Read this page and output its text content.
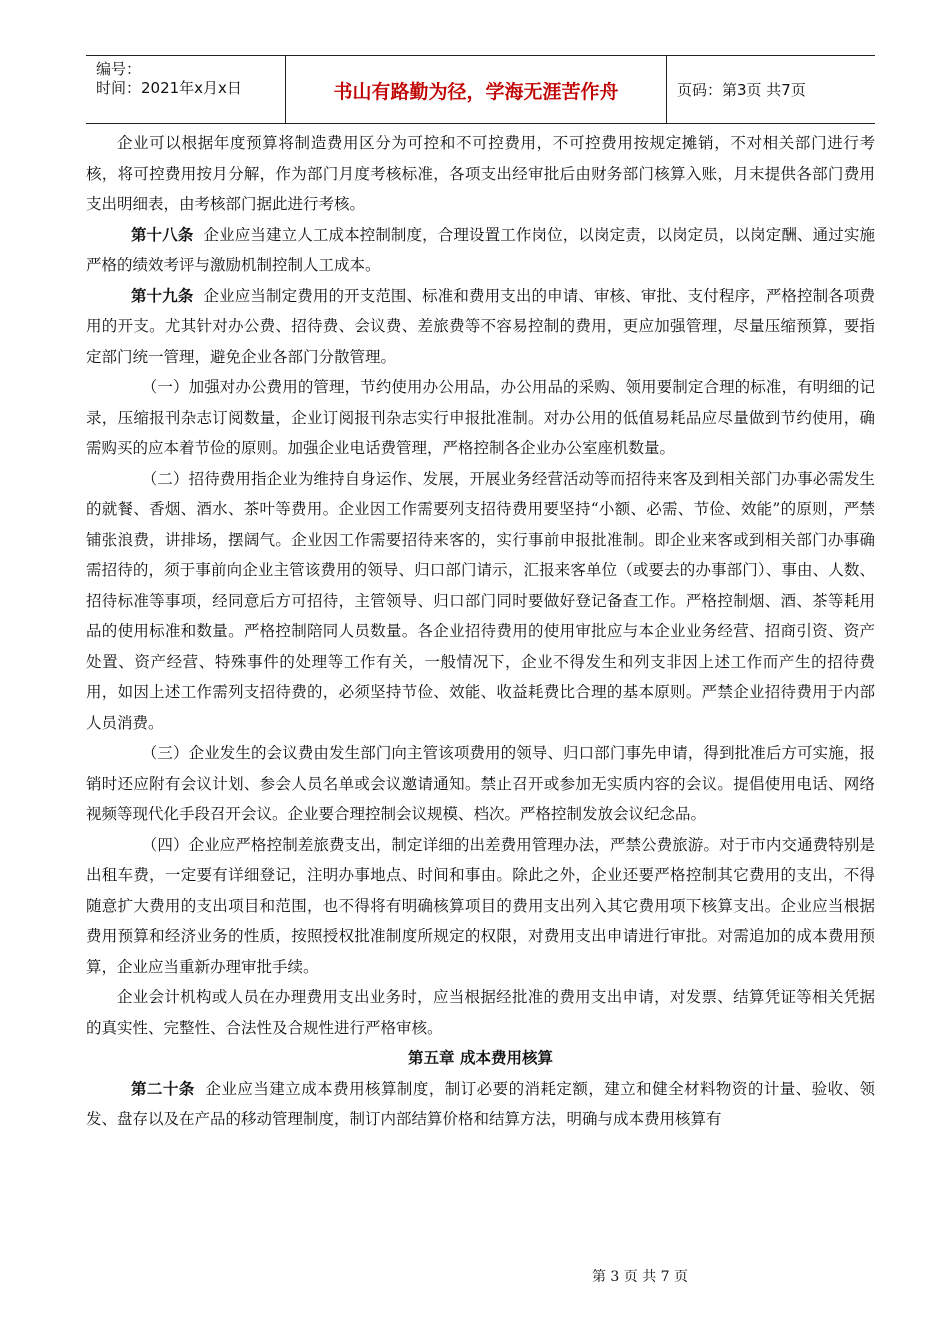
编号：
时间：2021年x月x日	书山有路勤为径，学海无涯苦作舟	页码：第3页 共7页

企业可以根据年度预算将制造费用区分为可控和不可控费用，不可控费用按规定摊销，不对相关部门进行考核，将可控费用按月分解，作为部门月度考核标准，各项支出经审批后由财务部门核算入账，月末提供各部门费用支出明细表，由考核部门据此进行考核。

第十八条 企业应当建立人工成本控制制度，合理设置工作岗位，以岗定责，以岗定员，以岗定酬、通过实施严格的绩效考评与激励机制控制人工成本。

第十九条 企业应当制定费用的开支范围、标准和费用支出的申请、审核、审批、支付程序，严格控制各项费用的开支。尤其针对办公费、招待费、会议费、差旅费等不容易控制的费用，更应加强管理，尽量压缩预算，要指定部门统一管理，避免企业各部门分散管理。

（一）加强对办公费用的管理，节约使用办公用品，办公用品的采购、领用要制定合理的标准，有明细的记录，压缩报刊杂志订阅数量，企业订阅报刊杂志实行申报批准制。对办公用的低值易耗品应尽量做到节约使用，确需购买的应本着节俭的原则。加强企业电话费管理，严格控制各企业办公室座机数量。

（二）招待费用指企业为维持自身运作、发展，开展业务经营活动等而招待来客及到相关部门办事必需发生的就餐、香烟、酒水、茶叶等费用。企业因工作需要列支招待费用要坚持“小额、必需、节俭、效能”的原则，严禁铺张浪费，讲排场，摆阔气。企业因工作需要招待来客的，实行事前申报批准制。即企业来客或到相关部门办事确需招待的，须于事前向企业主管该费用的领导、归口部门请示，汇报来客单位（或要去的办事部门）、事由、人数、招待标准等事项，经同意后方可招待，主管领导、归口部门同时要做好登记备查工作。严格控制烟、酒、茶等耗用品的使用标准和数量。严格控制陪同人员数量。各企业招待费用的使用审批应与本企业业务经营、招商引资、资产处置、资产经营、特殊事件的处理等工作有关，一般情况下，企业不得发生和列支非因上述工作而产生的招待费用，如因上述工作需列支招待费的，必须坚持节俭、效能、收益耗费比合理的基本原则。严禁企业招待费用于内部人员消费。

（三）企业发生的会议费由发生部门向主管该项费用的领导、归口部门事先申请，得到批准后方可实施，报销时还应附有会议计划、参会人员名单或会议邀请通知。禁止召开或参加无实质内容的会议。提倡使用电话、网络视频等现代化手段召开会议。企业要合理控制会议规模、档次。严格控制发放会议纪念品。

（四）企业应严格控制差旅费支出，制定详细的出差费用管理办法，严禁公费旅游。对于市内交通费特别是出租车费，一定要有详细登记，注明办事地点、时间和事由。除此之外，企业还要严格控制其它费用的支出，不得随意扩大费用的支出项目和范围，也不得将有明确核算项目的费用支出列入其它费用项下核算支出。企业应当根据费用预算和经济业务的性质，按照授权批准制度所规定的权限，对费用支出申请进行审批。对需追加的成本费用预算，企业应当重新办理审批手续。

企业会计机构或人员在办理费用支出业务时，应当根据经批准的费用支出申请，对发票、结算凭证等相关凭据的真实性、完整性、合法性及合规性进行严格审核。

第五章 成本费用核算

第二十条 企业应当建立成本费用核算制度，制订必要的消耗定额，建立和健全材料物资的计量、验收、领发、盘存以及在产品的移动管理制度，制订内部结算价格和结算方法，明确与成本费用核算有

第 3 页 共 7 页
